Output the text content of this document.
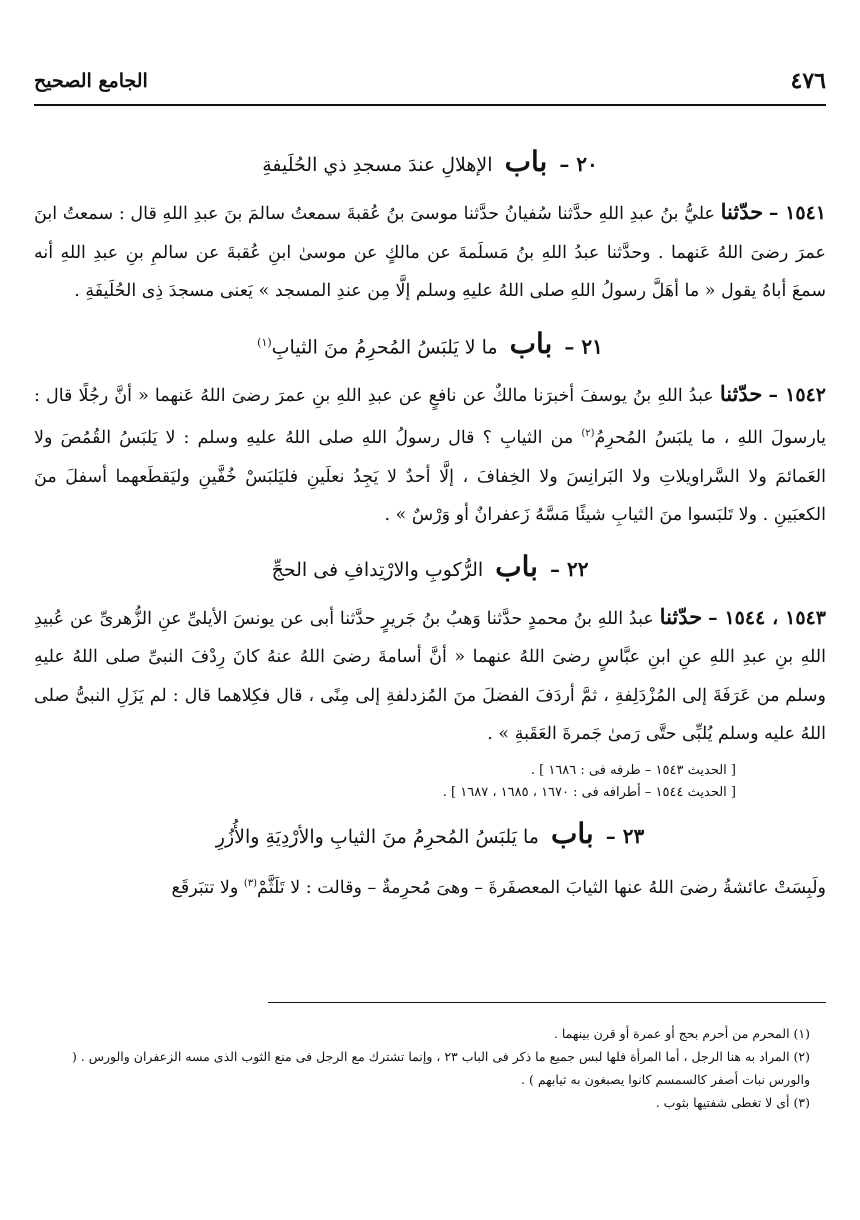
٤٧٦
الجامع الصحيح
٢٠ – باب الإهلالِ عندَ مسجدِ ذي الحُلَيفةِ

١٥٤١ – حدّثنا عليُّ بنُ عبدِ اللهِ حدَّثنا سُفيانُ حدَّثنا موسىَ بنُ عُقبةَ سمعتُ سالمَ بنَ عبدِ اللهِ قال : سمعتُ ابنَ عمرَ رضىَ اللهُ عَنهما . وحدَّثنا عبدُ اللهِ بنُ مَسلَمةَ عن مالكٍ عن موسىٰ ابنِ عُقبةَ عن سالمِ بنِ عبدِ اللهِ أنه سمعَ أباهُ يقول « ما أهَلَّ رسولُ اللهِ صلى اللهُ عليهِ وسلم إلَّا مِن عندِ المسجد » يَعنى مسجدَ ذِى الحُلَيفَةِ .

٢١ – باب ما لا يَلبَسُ المُحرِمُ منَ الثيابِ$^{(١)}$

١٥٤٢ – حدّثنا عبدُ اللهِ بنُ يوسفَ أخبرَنا مالكٌ عن نافعٍ عن عبدِ اللهِ بنِ عمرَ رضىَ اللهُ عَنهما « أنَّ رجُلًا قال : يارسولَ اللهِ ، ما يلبَسُ المُحرِمُ$^{(٢)}$ من الثيابِ ؟ قال رسولُ اللهِ صلى اللهُ عليهِ وسلم : لا يَلبَسُ القُمُصَ ولا العَمائمَ ولا السَّراويلاتِ ولا البَرانِسَ ولا الخِفافَ ، إلَّا أحدٌ لا يَجِدُ نعلَينِ فليَلبَسْ خُفَّينِ وليَقطَعهما أسفلَ منَ الكعبَينِ . ولا تَلبَسوا منَ الثيابِ شيئًا مَسَّهُ زَعفرانٌ أو وَرْسٌ » .

٢٢ – باب الرُّكوبِ والارْتِدافِ فى الحجِّ

١٥٤٣ ، ١٥٤٤ – حدّثنا عبدُ اللهِ بنُ محمدٍ حدَّثنا وَهبُ بنُ جَريرٍ حدَّثنا أبى عن يونسَ الأيلىِّ عنِ الزُّهرىِّ عن عُبيدِ اللهِ بنِ عبدِ اللهِ عنِ ابنِ عبَّاسٍ رضىَ اللهُ عنهما « أنَّ أسامةَ رضىَ اللهُ عنهُ كانَ رِدْفَ النبىِّ صلى اللهُ عليهِ وسلم من عَرَفَةَ إلى المُزْدَلِفةِ ، ثمَّ أردَفَ الفضلَ منَ المُزدلفةِ إلى مِنًى ، قال فكِلاهما قال : لم يَزَلِ النبىُّ صلى اللهُ عليه وسلم يُلبِّى حتَّى رَمىٰ جَمرةَ العَقَبةِ » .

[ الحديث ١٥٤٣ – طرفه فى : ١٦٨٦ ] .
[ الحديث ١٥٤٤ – أطرافه فى : ١٦٧٠ ، ١٦٨٥ ، ١٦٨٧ ] .
٢٣ – باب ما يَلبَسُ المُحرِمُ منَ الثيابِ والأرْدِيَةِ والأُزُرِ

ولَبِسَتْ عائشةُ رضىَ اللهُ عنها الثيابَ المعصفَرةَ – وهىَ مُحرِمةٌ – وقالت : لا تَلَثَّمْ$^{(٣)}$ ولا تتبَرقَع

(١) المحرم من أحرم بحج أو عمرة أو قرن بينهما .
(٢) المراد به هنا الرجل ، أما المرأة فلها لبس جميع ما ذكر فى الباب ٢٣ ، وإنما تشترك مع الرجل فى منع الثوب الذى مسه الزعفران والورس . ( والورس نبات أصفر كالسمسم كانوا يصبغون به ثيابهم ) .
(٣) أى لا تغطى شفتيها بثوب .
